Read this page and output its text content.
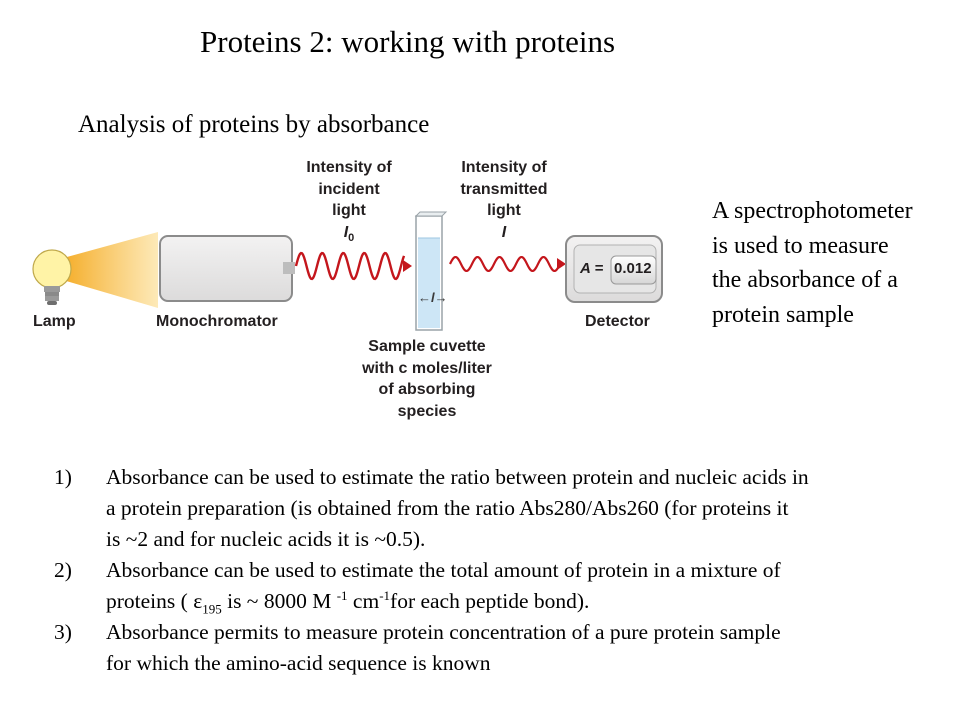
Proteins 2: working with proteins
Analysis of proteins by absorbance
A spectrophotometer
is used to measure
the absorbance of a
protein sample
A = 0.012
←l→
Lamp	Monochromator	Detector
Intensity of
incident
light
$I_0$
Intensity of
transmitted
light
I
Sample cuvette
with c moles/liter
of absorbing
species
1) Absorbance can be used to estimate the ratio between protein and nucleic acids in
a protein preparation (is obtained from the ratio Abs280/Abs260 (for proteins it
is ~2 and for nucleic acids it is ~0.5).
2) Absorbance can be used to estimate the total amount of protein in a mixture of
proteins ( $\varepsilon_{195}$ is ~ 8000 M $^{-1}$ $cm^{-1}for$ each peptide bond).
3) Absorbance permits to measure protein concentration of a pure protein sample
for which the amino-acid sequence is known
